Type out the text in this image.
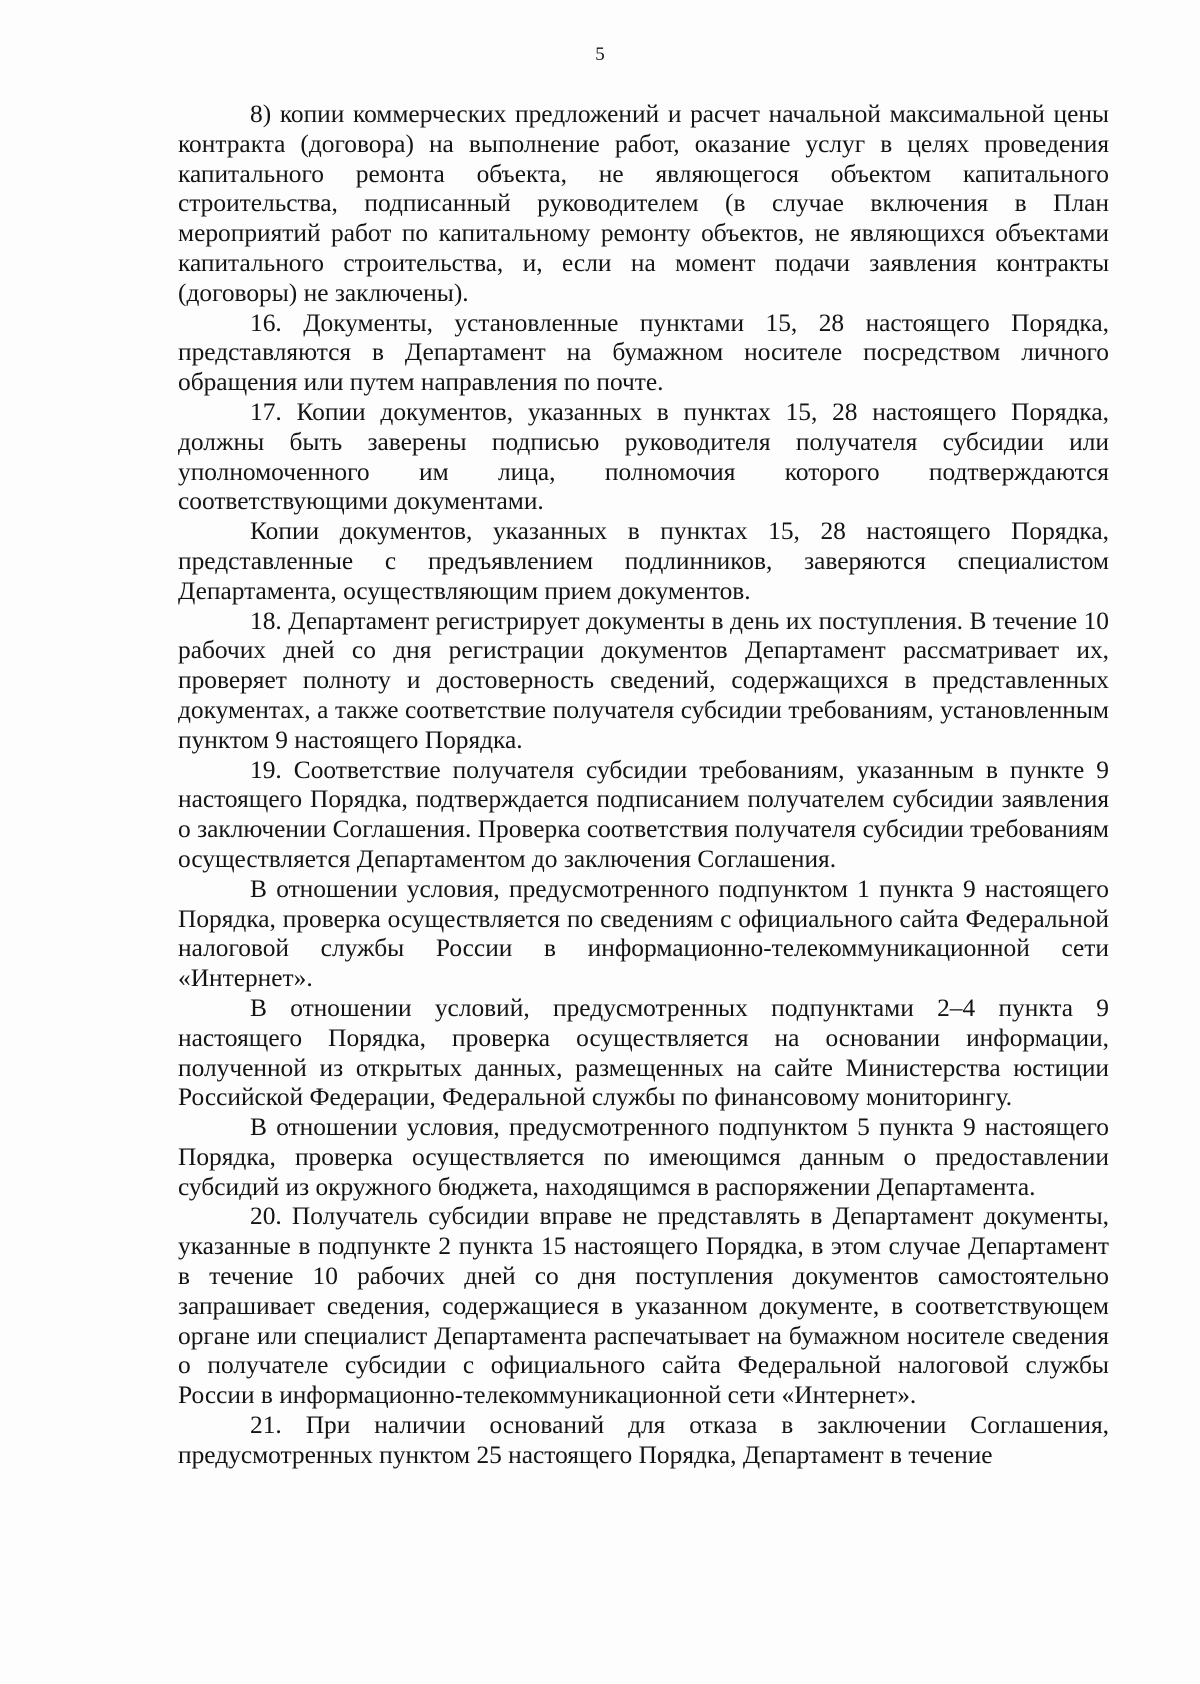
5

8) копии коммерческих предложений и расчет начальной максимальной цены контракта (договора) на выполнение работ, оказание услуг в целях проведения капитального ремонта объекта, не являющегося объектом капитального строительства, подписанный руководителем (в случае включения в План мероприятий работ по капитальному ремонту объектов, не являющихся объектами капитального строительства, и, если на момент подачи заявления контракты (договоры) не заключены).

16. Документы, установленные пунктами 15, 28 настоящего Порядка, представляются в Департамент на бумажном носителе посредством личного обращения или путем направления по почте.

17. Копии документов, указанных в пунктах 15, 28 настоящего Порядка, должны быть заверены подписью руководителя получателя субсидии или уполномоченного им лица, полномочия которого подтверждаются соответствующими документами.

Копии документов, указанных в пунктах 15, 28 настоящего Порядка, представленные с предъявлением подлинников, заверяются специалистом Департамента, осуществляющим прием документов.

18. Департамент регистрирует документы в день их поступления. В течение 10 рабочих дней со дня регистрации документов Департамент рассматривает их, проверяет полноту и достоверность сведений, содержащихся в представленных документах, а также соответствие получателя субсидии требованиям, установленным пунктом 9 настоящего Порядка.

19. Соответствие получателя субсидии требованиям, указанным в пункте 9 настоящего Порядка, подтверждается подписанием получателем субсидии заявления о заключении Соглашения. Проверка соответствия получателя субсидии требованиям осуществляется Департаментом до заключения Соглашения.

В отношении условия, предусмотренного подпунктом 1 пункта 9 настоящего Порядка, проверка осуществляется по сведениям с официального сайта Федеральной налоговой службы России в информационно-телекоммуникационной сети «Интернет».

В отношении условий, предусмотренных подпунктами 2–4 пункта 9 настоящего Порядка, проверка осуществляется на основании информации, полученной из открытых данных, размещенных на сайте Министерства юстиции Российской Федерации, Федеральной службы по финансовому мониторингу.

В отношении условия, предусмотренного подпунктом 5 пункта 9 настоящего Порядка, проверка осуществляется по имеющимся данным о предоставлении субсидий из окружного бюджета, находящимся в распоряжении Департамента.

20. Получатель субсидии вправе не представлять в Департамент документы, указанные в подпункте 2 пункта 15 настоящего Порядка, в этом случае Департамент в течение 10 рабочих дней со дня поступления документов самостоятельно запрашивает сведения, содержащиеся в указанном документе, в соответствующем органе или специалист Департамента распечатывает на бумажном носителе сведения о получателе субсидии с официального сайта Федеральной налоговой службы России в информационно-телекоммуникационной сети «Интернет».

21. При наличии оснований для отказа в заключении Соглашения, предусмотренных пунктом 25 настоящего Порядка, Департамент в течение
